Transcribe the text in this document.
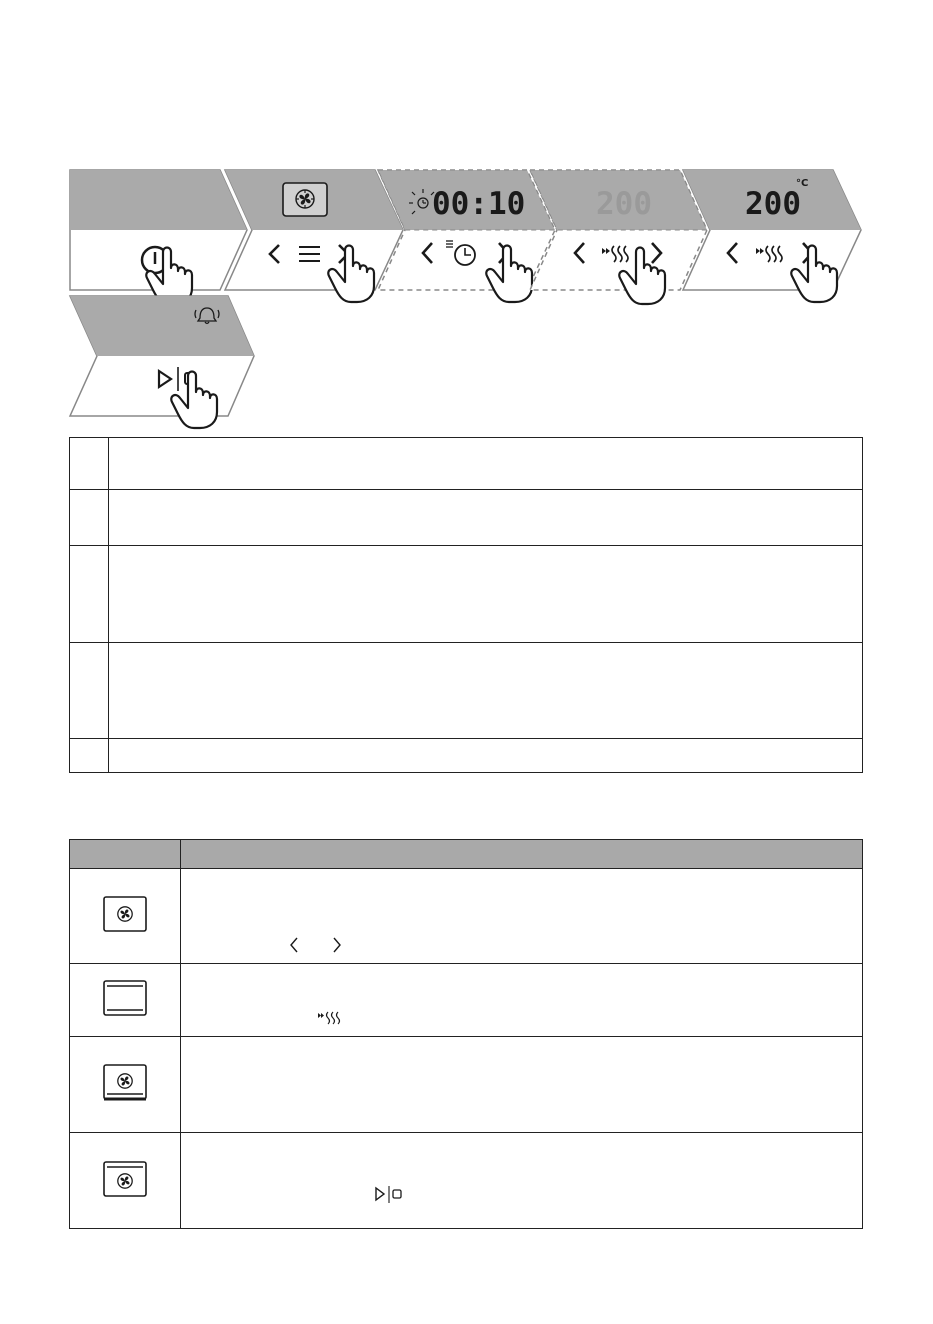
00:10 200	200
°C
